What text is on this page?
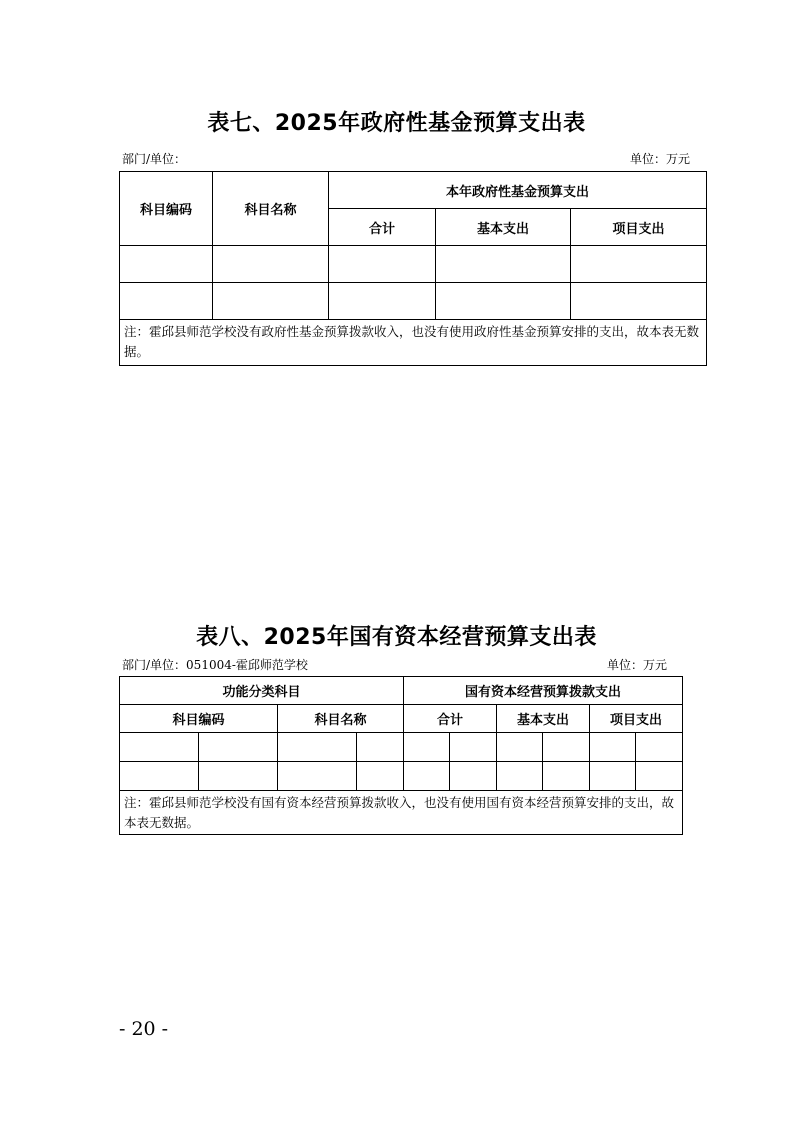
表七、2025年政府性基金预算支出表
部门/单位：	单位：万元
科目编码	科目名称	本年政府性基金预算支出		
		合计	基本支出	项目支出

注：霍邱县师范学校没有政府性基金预算拨款收入，也没有使用政府性基金预算安排的支出，故本表无数据。				
表八、2025年国有资本经营预算支出表
部门/单位：051004-霍邱师范学校	单位：万元
功能分类科目				国有资本经营预算拨款支出					
科目编码		科目名称		合计		基本支出		项目支出	

注：霍邱县师范学校没有国有资本经营预算拨款收入，也没有使用国有资本经营预算安排的支出，故本表无数据。									
- 20 -
